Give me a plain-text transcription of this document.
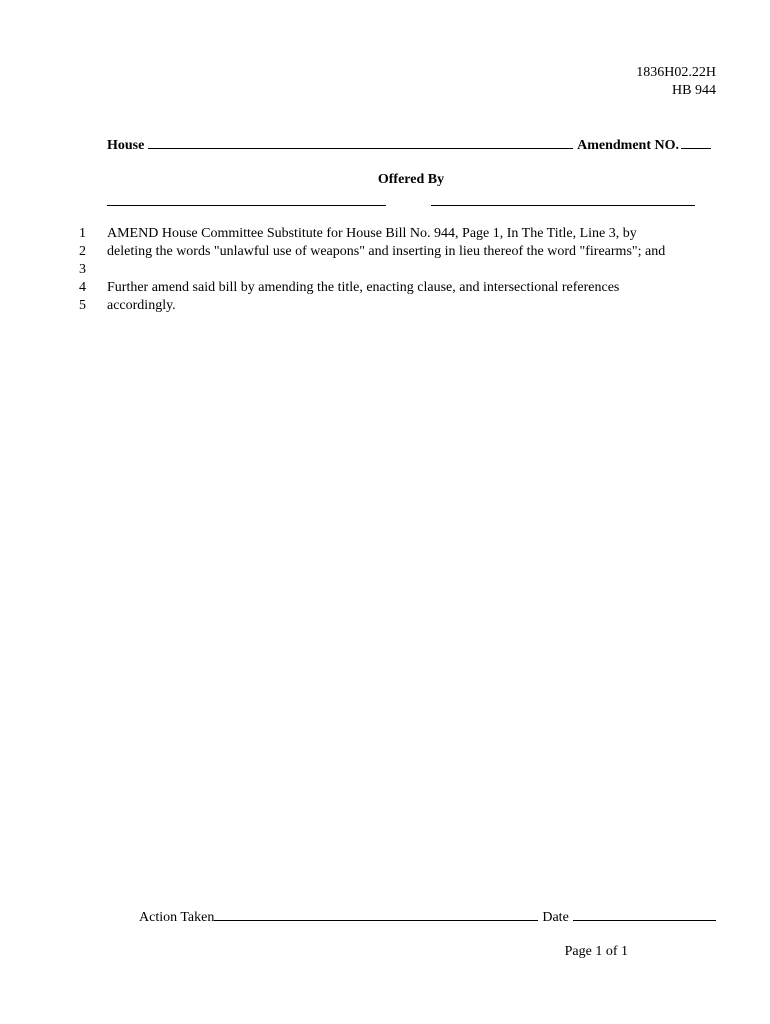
1836H02.22H
HB 944
House	Amendment NO.
Offered By
1 AMEND House Committee Substitute for House Bill No. 944, Page 1, In The Title, Line 3, by
2 deleting the words "unlawful use of weapons" and inserting in lieu thereof the word "firearms"; and
3
4 Further amend said bill by amending the title, enacting clause, and intersectional references
5 accordingly.
Action Taken	Date
Page 1 of 1
